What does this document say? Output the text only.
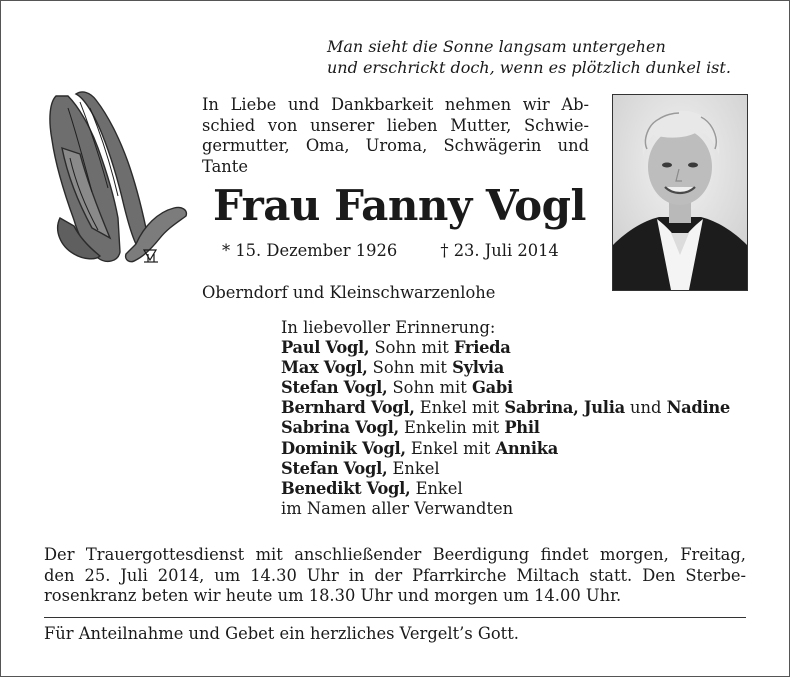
Man sieht die Sonne langsam untergehen
und erschrickt doch, wenn es plötzlich dunkel ist.
In Liebe und Dankbarkeit nehmen wir Ab-
schied von unserer lieben Mutter, Schwie-
germutter, Oma, Uroma, Schwägerin und
Tante
Frau Fanny Vogl
* 15. Dezember 1926	† 23. Juli 2014
Oberndorf und Kleinschwarzenlohe
In liebevoller Erinnerung:
Paul Vogl, Sohn mit Frieda
Max Vogl, Sohn mit Sylvia
Stefan Vogl, Sohn mit Gabi
Bernhard Vogl, Enkel mit Sabrina, Julia und Nadine
Sabrina Vogl, Enkelin mit Phil
Dominik Vogl, Enkel mit Annika
Stefan Vogl, Enkel
Benedikt Vogl, Enkel
im Namen aller Verwandten
Der Trauergottesdienst mit anschließender Beerdigung findet morgen, Freitag,
den 25. Juli 2014, um 14.30 Uhr in der Pfarrkirche Miltach statt. Den Sterbe-
rosenkranz beten wir heute um 18.30 Uhr und morgen um 14.00 Uhr.
Für Anteilnahme und Gebet ein herzliches Vergelt’s Gott.
